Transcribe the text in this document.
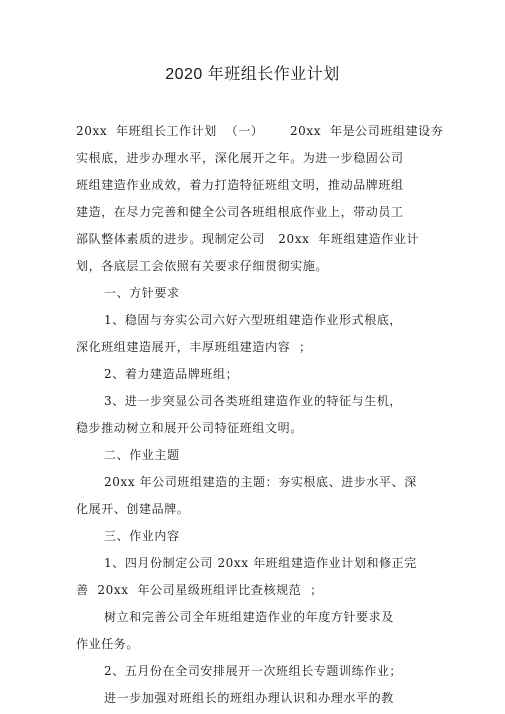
2020 年班组长作业计划
20xx  年班组长工作计划  （一）      20xx  年是公司班组建设夯
实根底，进步办理水平，深化展开之年。为进一步稳固公司
班组建造作业成效，着力打造特征班组文明，推动品牌班组
建造，在尽力完善和健全公司各班组根底作业上，带动员工
部队整体素质的进步。现制定公司   20xx  年班组建造作业计
划，各底层工会依照有关要求仔细贯彻实施。
一、方针要求
1、稳固与夯实公司六好六型班组建造作业形式根底，
深化班组建造展开，丰厚班组建造内容  ；
2、着力建造品牌班组；
3、进一步突显公司各类班组建造作业的特征与生机，
稳步推动树立和展开公司特征班组文明。
二、作业主题
20xx 年公司班组建造的主题：夯实根底、进步水平、深
化展开、创建品牌。
三、作业内容
1、四月份制定公司 20xx 年班组建造作业计划和修正完
善  20xx  年公司星级班组评比查核规范  ；
树立和完善公司全年班组建造作业的年度方针要求及
作业任务。
2、五月份在全司安排展开一次班组长专题训练作业；
进一步加强对班组长的班组办理认识和办理水平的教
